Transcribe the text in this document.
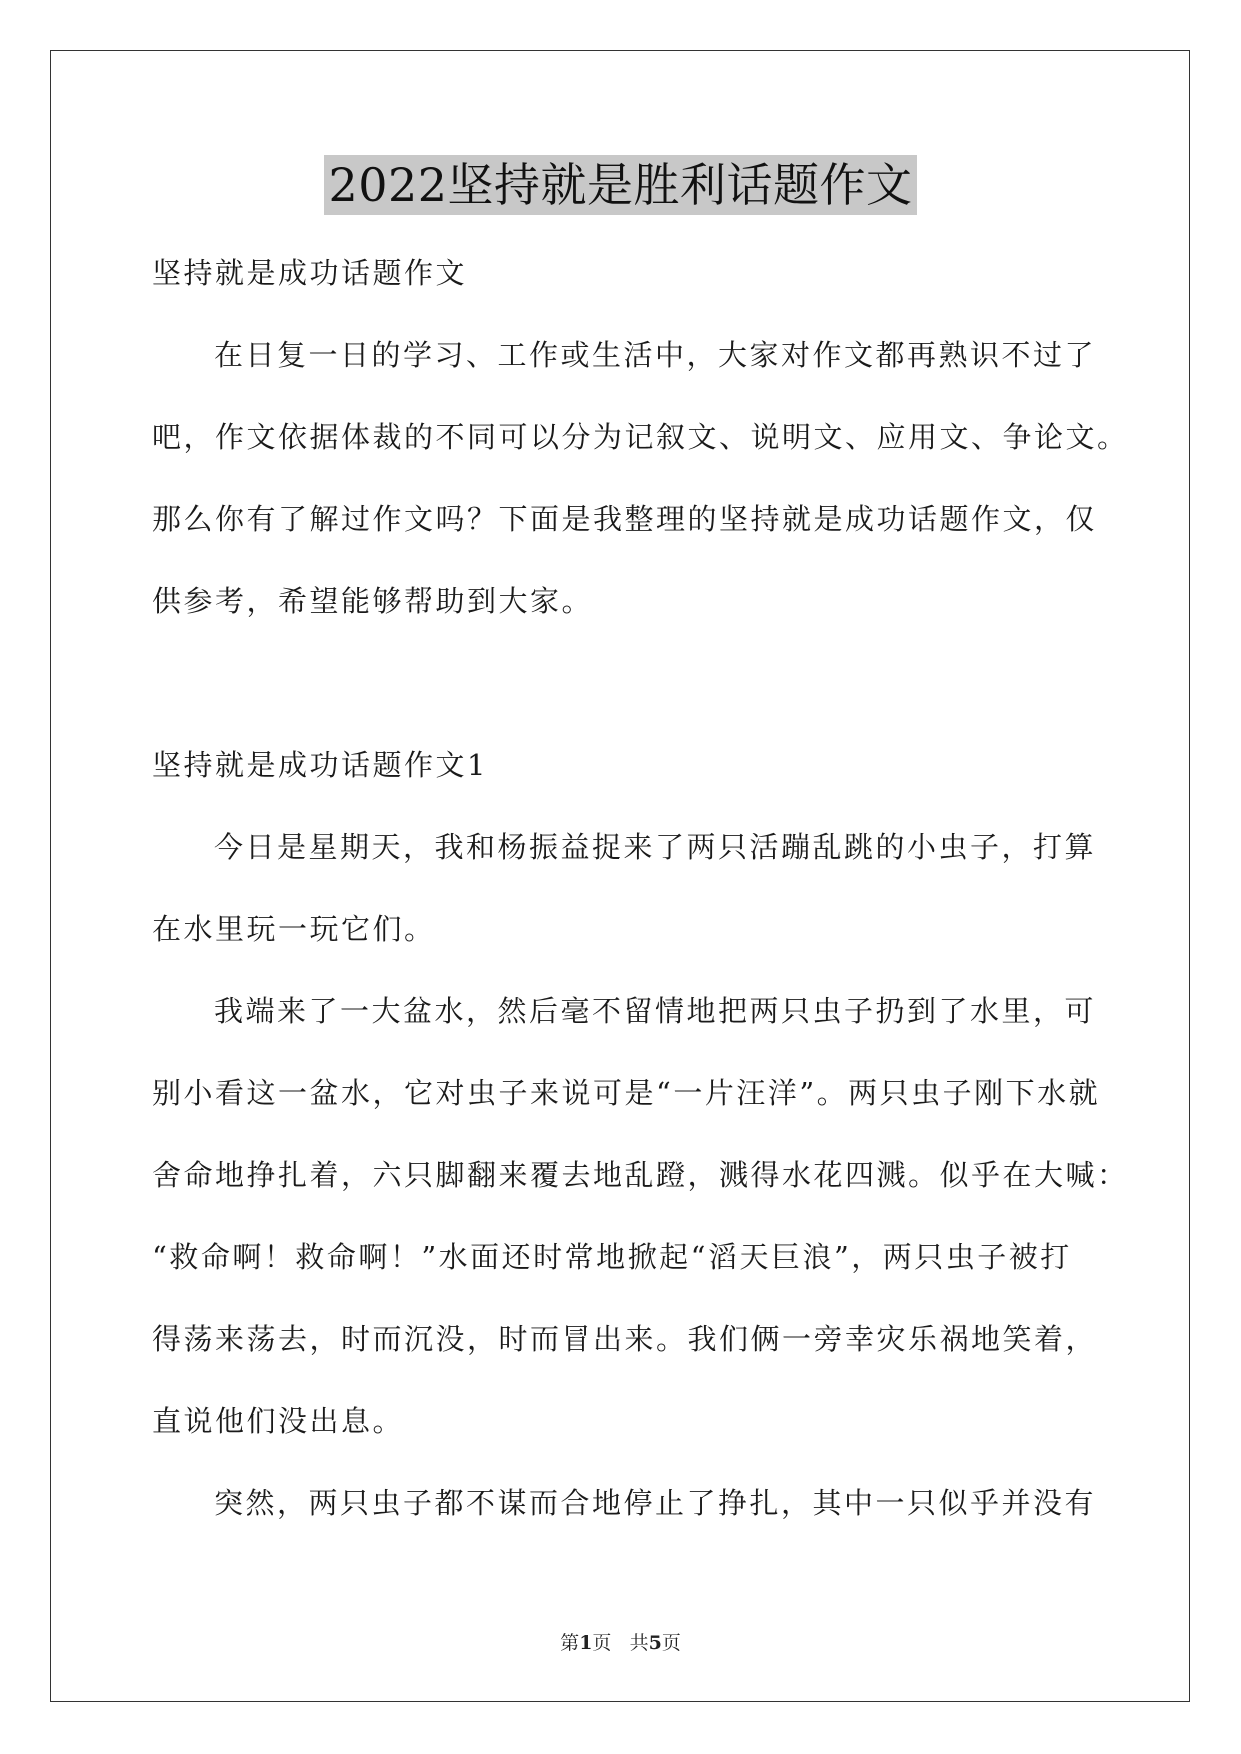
2022坚持就是胜利话题作文

坚持就是成功话题作文

在日复一日的学习、工作或生活中，大家对作文都再熟识不过了

吧，作文依据体裁的不同可以分为记叙文、说明文、应用文、争论文。

那么你有了解过作文吗？下面是我整理的坚持就是成功话题作文，仅

供参考，希望能够帮助到大家。

坚持就是成功话题作文1

今日是星期天，我和杨振益捉来了两只活蹦乱跳的小虫子，打算

在水里玩一玩它们。

我端来了一大盆水，然后毫不留情地把两只虫子扔到了水里，可

别小看这一盆水，它对虫子来说可是“一片汪洋”。两只虫子刚下水就

舍命地挣扎着，六只脚翻来覆去地乱蹬，溅得水花四溅。似乎在大喊：

“救命啊！救命啊！”水面还时常地掀起“滔天巨浪”，两只虫子被打

得荡来荡去，时而沉没，时而冒出来。我们俩一旁幸灾乐祸地笑着，

直说他们没出息。

突然，两只虫子都不谋而合地停止了挣扎，其中一只似乎并没有

第1页 共5页
